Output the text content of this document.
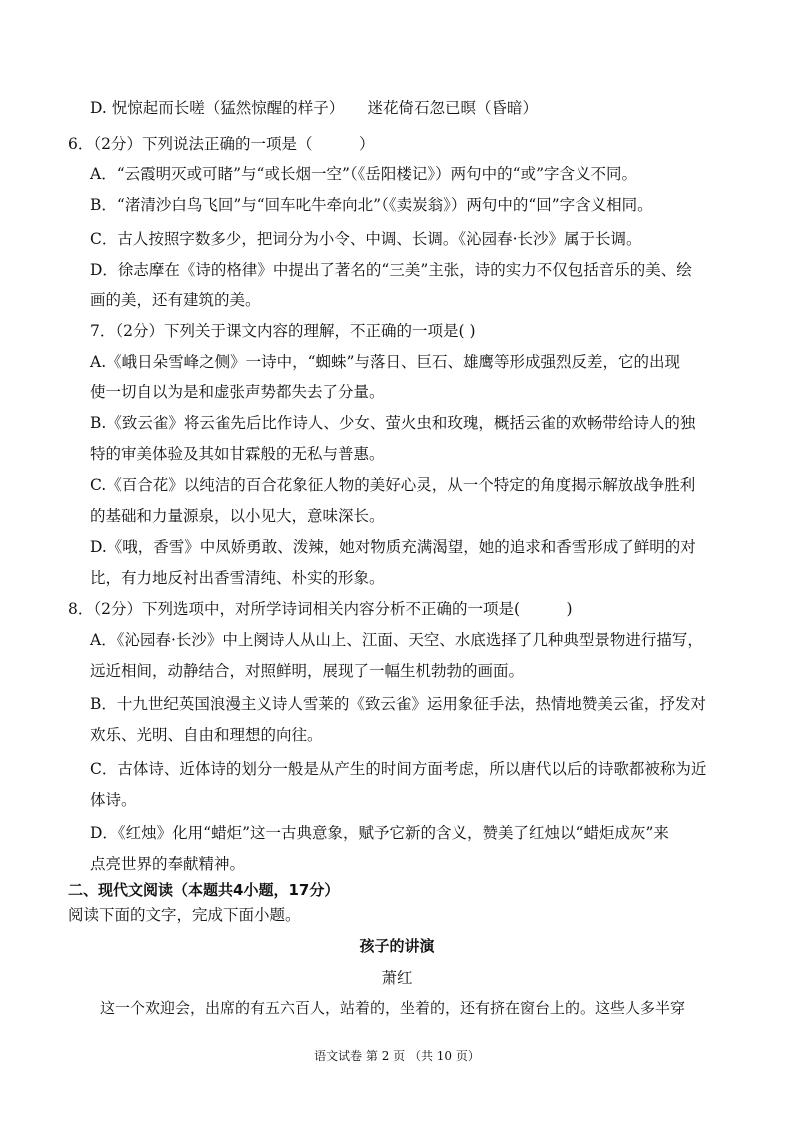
D. 怳惊起而长嗟（猛然惊醒的样子）　　迷花倚石忽已暝（昏暗）
6．（2分）下列说法正确的一项是（　　　）
A．“云霞明灭或可睹”与“或长烟一空”（《岳阳楼记》）两句中的“或”字含义不同。
B．“渚清沙白鸟飞回”与“回车叱牛牵向北”（《卖炭翁》）两句中的“回”字含义相同。
C．古人按照字数多少，把词分为小令、中调、长调。《沁园春·长沙》属于长调。
D．徐志摩在《诗的格律》中提出了著名的“三美”主张，诗的实力不仅包括音乐的美、绘
画的美，还有建筑的美。
7．（2分）下列关于课文内容的理解，不正确的一项是( )
A.《峨日朵雪峰之侧》一诗中，“蜘蛛”与落日、巨石、雄鹰等形成强烈反差，它的出现
使一切自以为是和虚张声势都失去了分量。
B.《致云雀》将云雀先后比作诗人、少女、萤火虫和玫瑰，概括云雀的欢畅带给诗人的独
特的审美体验及其如甘霖般的无私与普惠。
C.《百合花》以纯洁的百合花象征人物的美好心灵，从一个特定的角度揭示解放战争胜利
的基础和力量源泉，以小见大，意味深长。
D.《哦，香雪》中凤娇勇敢、泼辣，她对物质充满渴望，她的追求和香雪形成了鲜明的对
比，有力地反衬出香雪清纯、朴实的形象。
8．（2分）下列选项中，对所学诗词相关内容分析不正确的一项是(　　　)
A．《沁园春·长沙》中上阕诗人从山上、江面、天空、水底选择了几种典型景物进行描写，
远近相间，动静结合，对照鲜明，展现了一幅生机勃勃的画面。
B．十九世纪英国浪漫主义诗人雪莱的《致云雀》运用象征手法，热情地赞美云雀，抒发对
欢乐、光明、自由和理想的向往。
C．古体诗、近体诗的划分一般是从产生的时间方面考虑，所以唐代以后的诗歌都被称为近
体诗。
D．《红烛》化用“蜡炬”这一古典意象，赋予它新的含义，赞美了红烛以“蜡炬成灰”来
点亮世界的奉献精神。
二、现代文阅读（本题共4小题，17分）
阅读下面的文字，完成下面小题。
孩子的讲演
萧红
这一个欢迎会，出席的有五六百人，站着的，坐着的，还有挤在窗台上的。这些人多半穿
语文试卷 第 2 页 （共 10 页）
